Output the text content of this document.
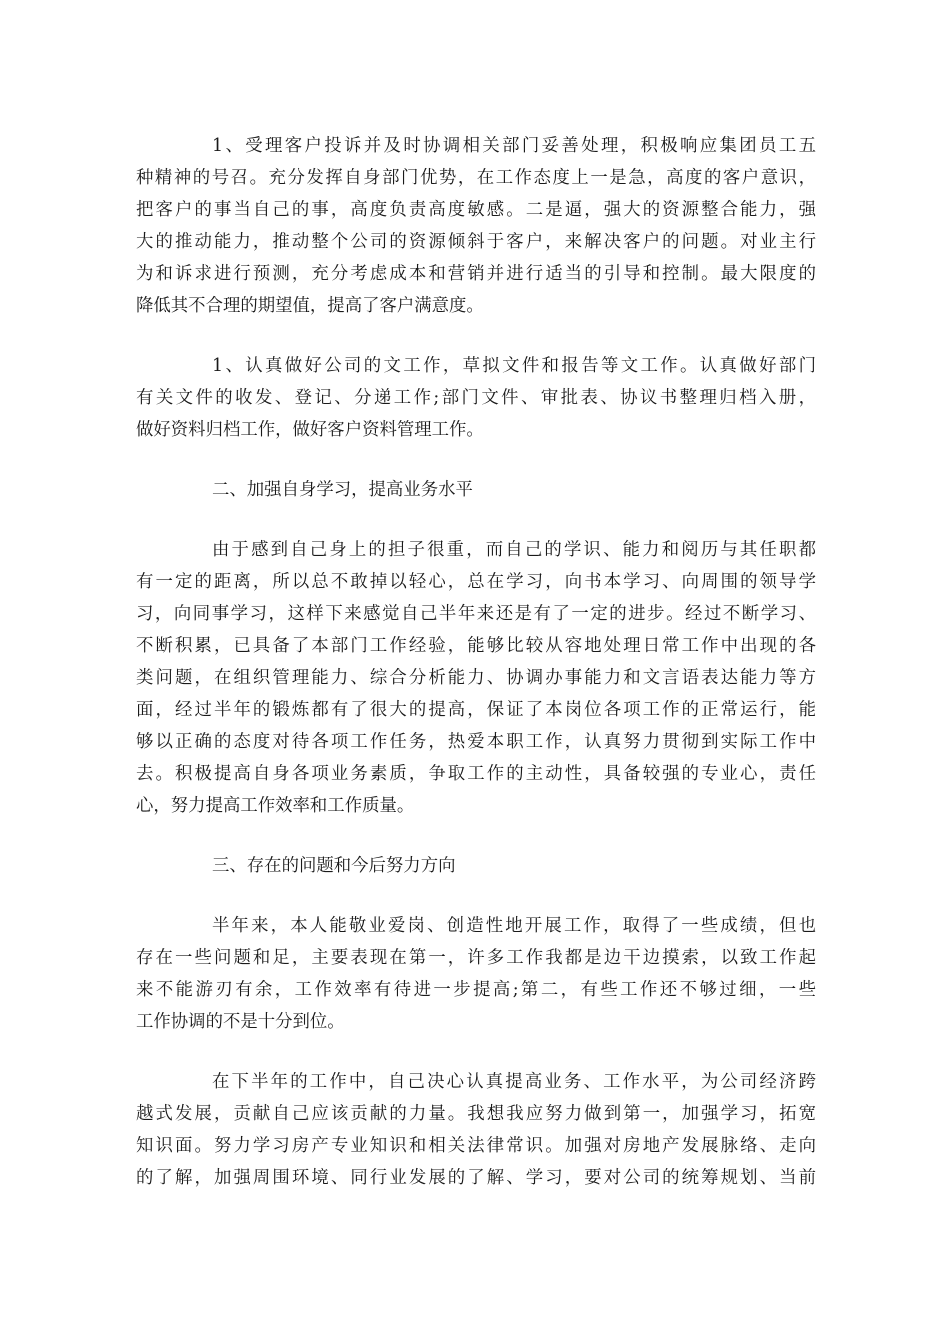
1、受理客户投诉并及时协调相关部门妥善处理，积极响应集团员工五
种精神的号召。充分发挥自身部门优势，在工作态度上一是急，高度的客户意识，
把客户的事当自己的事，高度负责高度敏感。二是逼，强大的资源整合能力，强
大的推动能力，推动整个公司的资源倾斜于客户，来解决客户的问题。对业主行
为和诉求进行预测，充分考虑成本和营销并进行适当的引导和控制。最大限度的
降低其不合理的期望值，提高了客户满意度。
1、认真做好公司的文工作，草拟文件和报告等文工作。认真做好部门
有关文件的收发、登记、分递工作;部门文件、审批表、协议书整理归档入册，
做好资料归档工作，做好客户资料管理工作。
二、加强自身学习，提高业务水平
由于感到自己身上的担子很重，而自己的学识、能力和阅历与其任职都
有一定的距离，所以总不敢掉以轻心，总在学习，向书本学习、向周围的领导学
习，向同事学习，这样下来感觉自己半年来还是有了一定的进步。经过不断学习、
不断积累，已具备了本部门工作经验，能够比较从容地处理日常工作中出现的各
类问题，在组织管理能力、综合分析能力、协调办事能力和文言语表达能力等方
面，经过半年的锻炼都有了很大的提高，保证了本岗位各项工作的正常运行，能
够以正确的态度对待各项工作任务，热爱本职工作，认真努力贯彻到实际工作中
去。积极提高自身各项业务素质，争取工作的主动性，具备较强的专业心，责任
心，努力提高工作效率和工作质量。
三、存在的问题和今后努力方向
半年来，本人能敬业爱岗、创造性地开展工作，取得了一些成绩，但也
存在一些问题和足，主要表现在第一，许多工作我都是边干边摸索，以致工作起
来不能游刃有余，工作效率有待进一步提高;第二，有些工作还不够过细，一些
工作协调的不是十分到位。
在下半年的工作中，自己决心认真提高业务、工作水平，为公司经济跨
越式发展，贡献自己应该贡献的力量。我想我应努力做到第一，加强学习，拓宽
知识面。努力学习房产专业知识和相关法律常识。加强对房地产发展脉络、走向
的了解，加强周围环境、同行业发展的了解、学习，要对公司的统筹规划、当前
